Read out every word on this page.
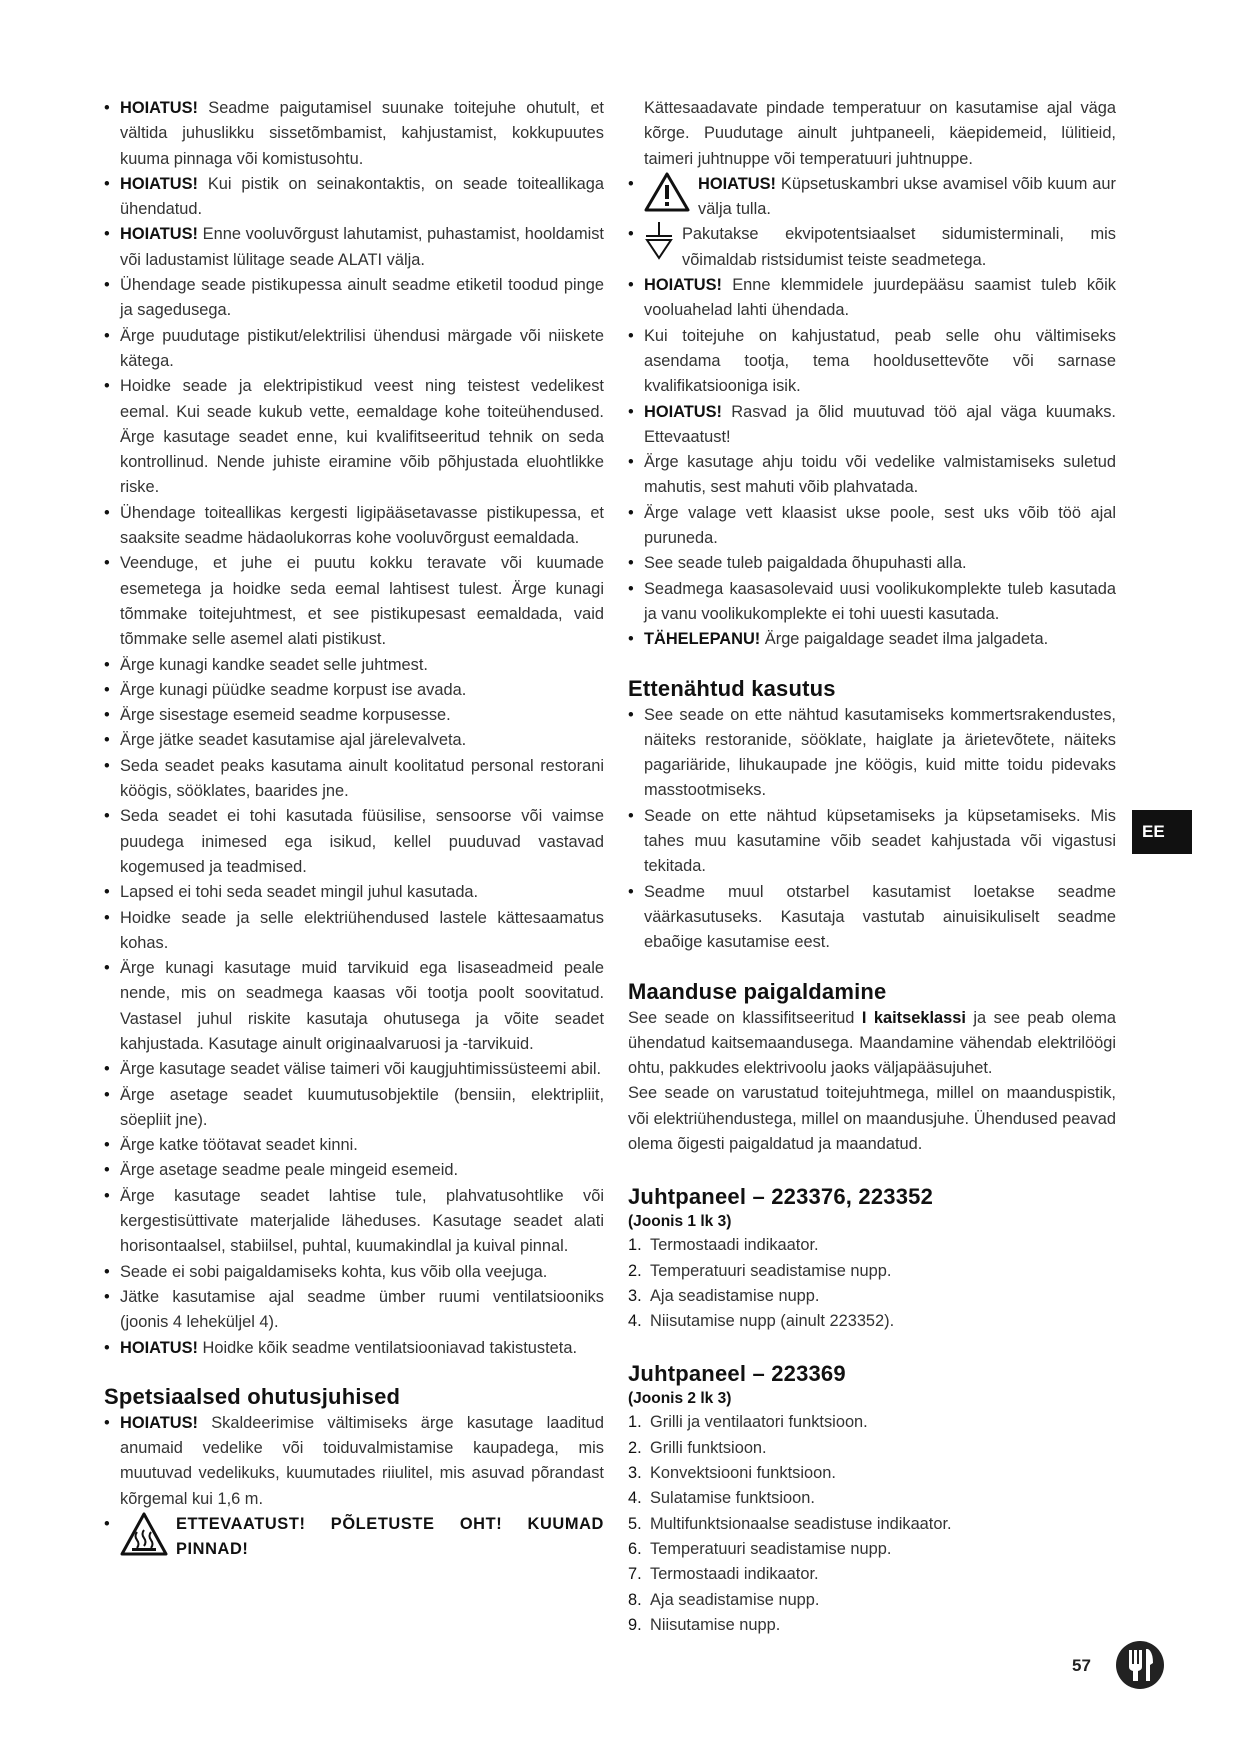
• HOIATUS! Seadme paigutamisel suunake toitejuhe ohutult, et vältida juhuslikku sissetõmbamist, kahjustamist, kokkupuutes kuuma pinnaga või komistusohtu.
• HOIATUS! Kui pistik on seinakontaktis, on seade toiteallikaga ühendatud.
• HOIATUS! Enne vooluvõrgust lahutamist, puhastamist, hooldamist või ladustamist lülitage seade ALATI välja.
• Ühendage seade pistikupessa ainult seadme etiketil toodud pinge ja sagedusega.
• Ärge puudutage pistikut/elektrilisi ühendusi märgade või niiskete kätega.
• Hoidke seade ja elektripistikud veest ning teistest vedelikest eemal. Kui seade kukub vette, eemaldage kohe toiteühendused. Ärge kasutage seadet enne, kui kvalifitseeritud tehnik on seda kontrollinud. Nende juhiste eiramine võib põhjustada eluohtlikke riske.
• Ühendage toiteallikas kergesti ligipääsetavasse pistikupessa, et saaksite seadme hädaolukorras kohe vooluvõrgust eemaldada.
• Veenduge, et juhe ei puutu kokku teravate või kuumade esemetega ja hoidke seda eemal lahtisest tulest. Ärge kunagi tõmmake toitejuhtmest, et see pistikupesast eemaldada, vaid tõmmake selle asemel alati pistikust.
• Ärge kunagi kandke seadet selle juhtmest.
• Ärge kunagi püüdke seadme korpust ise avada.
• Ärge sisestage esemeid seadme korpusesse.
• Ärge jätke seadet kasutamise ajal järelevalveta.
• Seda seadet peaks kasutama ainult koolitatud personal restorani köögis, sööklates, baarides jne.
• Seda seadet ei tohi kasutada füüsilise, sensoorse või vaimse puudega inimesed ega isikud, kellel puuduvad vastavad kogemused ja teadmised.
• Lapsed ei tohi seda seadet mingil juhul kasutada.
• Hoidke seade ja selle elektriühendused lastele kättesaamatus kohas.
• Ärge kunagi kasutage muid tarvikuid ega lisaseadmeid peale nende, mis on seadmega kaasas või tootja poolt soovitatud. Vastasel juhul riskite kasutaja ohutusega ja võite seadet kahjustada. Kasutage ainult originaalvaruosi ja -tarvikuid.
• Ärge kasutage seadet välise taimeri või kaugjuhtimissüsteemi abil.
• Ärge asetage seadet kuumutusobjektile (bensiin, elektripliit, söepliit jne).
• Ärge katke töötavat seadet kinni.
• Ärge asetage seadme peale mingeid esemeid.
• Ärge kasutage seadet lahtise tule, plahvatusohtlike või kergestisüttivate materjalide läheduses. Kasutage seadet alati horisontaalsel, stabiilsel, puhtal, kuumakindlal ja kuival pinnal.
• Seade ei sobi paigaldamiseks kohta, kus võib olla veejuga.
• Jätke kasutamise ajal seadme ümber ruumi ventilatsiooniks (joonis 4 leheküljel 4).
• HOIATUS! Hoidke kõik seadme ventilatsiooniavad takistusteta.
Spetsiaalsed ohutusjuhised
• HOIATUS! Skaldeerimise vältimiseks ärge kasutage laaditud anumaid vedelike või toiduvalmistamise kaupadega, mis muutuvad vedelikuks, kuumutades riiulitel, mis asuvad põrandast kõrgemal kui 1,6 m.
• ETTEVAATUST! PÕLETUSTE OHT! KUUMAD PINNAD!
Kättesaadavate pindade temperatuur on kasutamise ajal väga kõrge. Puudutage ainult juhtpaneeli, käepidemeid, lülitieid, taimeri juhtnuppe või temperatuuri juhtnuppe.
• HOIATUS! Küpsetuskambri ukse avamisel võib kuum aur välja tulla.
• Pakutakse ekvipotentsiaalset sidumisterminali, mis võimaldab ristsidumist teiste seadmetega.
• HOIATUS! Enne klemmidele juurdepääsu saamist tuleb kõik vooluahelad lahti ühendada.
• Kui toitejuhe on kahjustatud, peab selle ohu vältimiseks asendama tootja, tema hooldusettevõte või sarnase kvalifikatsiooniga isik.
• HOIATUS! Rasvad ja õlid muutuvad töö ajal väga kuumaks. Ettevaatust!
• Ärge kasutage ahju toidu või vedelike valmistamiseks suletud mahutis, sest mahuti võib plahvatada.
• Ärge valage vett klaasist ukse poole, sest uks võib töö ajal puruneda.
• See seade tuleb paigaldada õhupuhasti alla.
• Seadmega kaasasolevaid uusi voolikukomplekte tuleb kasutada ja vanu voolikukomplekte ei tohi uuesti kasutada.
• TÄHELEPANU! Ärge paigaldage seadet ilma jalgadeta.
Ettenähtud kasutus
• See seade on ette nähtud kasutamiseks kommertsrakendustes, näiteks restoranide, sööklate, haiglate ja ärietevõtete, näiteks pagariäride, lihukaupade jne köögis, kuid mitte toidu pidevaks masstootmiseks.
• Seade on ette nähtud küpsetamiseks ja küpsetamiseks. Mis tahes muu kasutamine võib seadet kahjustada või vigastusi tekitada.
• Seadme muul otstarbel kasutamist loetakse seadme väärkasutuseks. Kasutaja vastutab ainuisikuliselt seadme ebaõige kasutamise eest.
Maanduse paigaldamine

See seade on klassifitseeritud I kaitseklassi ja see peab olema ühendatud kaitsemaandusega. Maandamine vähendab elektrilöögi ohtu, pakkudes elektrivoolu jaoks väljapääsujuhet.

See seade on varustatud toitejuhtmega, millel on maanduspistik, või elektriühendustega, millel on maandusjuhe. Ühendused peavad olema õigesti paigaldatud ja maandatud.

Juhtpaneel – 223376, 223352
(Joonis 1 lk 3)
1. Termostaadi indikaator.
2. Temperatuuri seadistamise nupp.
3. Aja seadistamise nupp.
4. Niisutamise nupp (ainult 223352).
Juhtpaneel – 223369
(Joonis 2 lk 3)
1. Grilli ja ventilaatori funktsioon.
2. Grilli funktsioon.
3. Konvektsiooni funktsioon.
4. Sulatamise funktsioon.
5. Multifunktsionaalse seadistuse indikaator.
6. Temperatuuri seadistamise nupp.
7. Termostaadi indikaator.
8. Aja seadistamise nupp.
9. Niisutamise nupp.
EE
57
